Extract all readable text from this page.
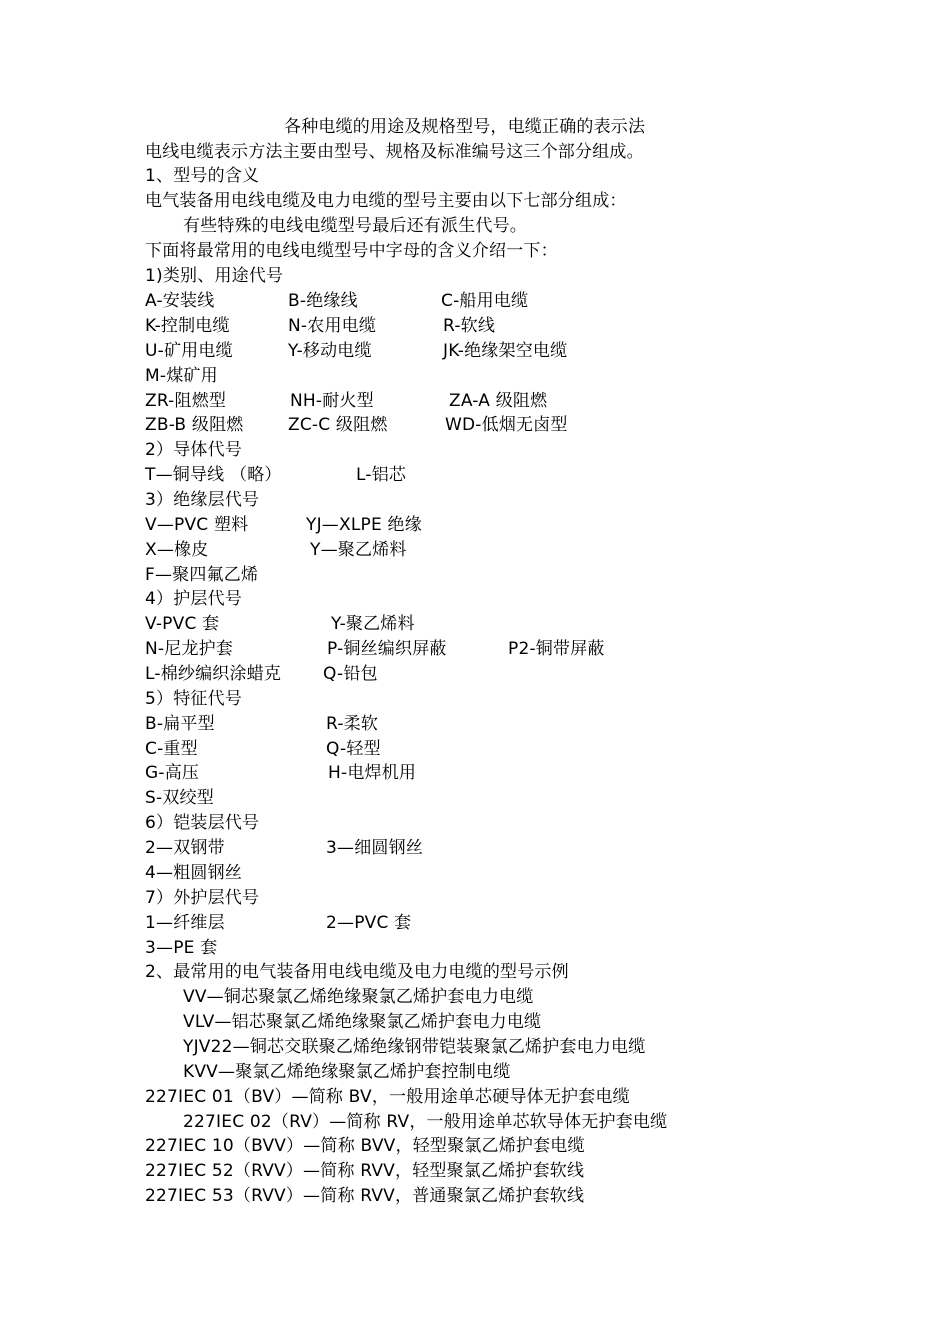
各种电缆的用途及规格型号，电缆正确的表示法
电线电缆表示方法主要由型号、规格及标准编号这三个部分组成。
1、型号的含义
电气装备用电线电缆及电力电缆的型号主要由以下七部分组成：
有些特殊的电线电缆型号最后还有派生代号。
下面将最常用的电线电缆型号中字母的含义介绍一下：
1)类别、用途代号
A-安装线	B-绝缘线	C-船用电缆
K-控制电缆	N-农用电缆	R-软线
U-矿用电缆	Y-移动电缆	JK-绝缘架空电缆
M-煤矿用
ZR-阻燃型	NH-耐火型	ZA-A 级阻燃
ZB-B 级阻燃	ZC-C 级阻燃	WD-低烟无卤型
2）导体代号
T—铜导线 （略）	L-铝芯
3）绝缘层代号
V—PVC 塑料	YJ—XLPE 绝缘
X—橡皮	Y—聚乙烯料
F—聚四氟乙烯
4）护层代号
V-PVC 套	Y-聚乙烯料
N-尼龙护套	P-铜丝编织屏蔽	P2-铜带屏蔽
L-棉纱编织涂蜡克 Q-铅包
5）特征代号
B-扁平型	R-柔软
C-重型	Q-轻型
G-高压	H-电焊机用
S-双绞型
6）铠装层代号
2—双钢带	3—细圆钢丝
4—粗圆钢丝
7）外护层代号
1—纤维层	2—PVC 套
3—PE 套
2、最常用的电气装备用电线电缆及电力电缆的型号示例
VV—铜芯聚氯乙烯绝缘聚氯乙烯护套电力电缆
VLV—铝芯聚氯乙烯绝缘聚氯乙烯护套电力电缆
YJV22—铜芯交联聚乙烯绝缘钢带铠装聚氯乙烯护套电力电缆
KVV—聚氯乙烯绝缘聚氯乙烯护套控制电缆
227IEC 01（BV）—简称 BV，一般用途单芯硬导体无护套电缆
227IEC 02（RV）—简称 RV，一般用途单芯软导体无护套电缆
227IEC 10（BVV）—简称 BVV，轻型聚氯乙烯护套电缆
227IEC 52（RVV）—简称 RVV，轻型聚氯乙烯护套软线
227IEC 53（RVV）—简称 RVV，普通聚氯乙烯护套软线
